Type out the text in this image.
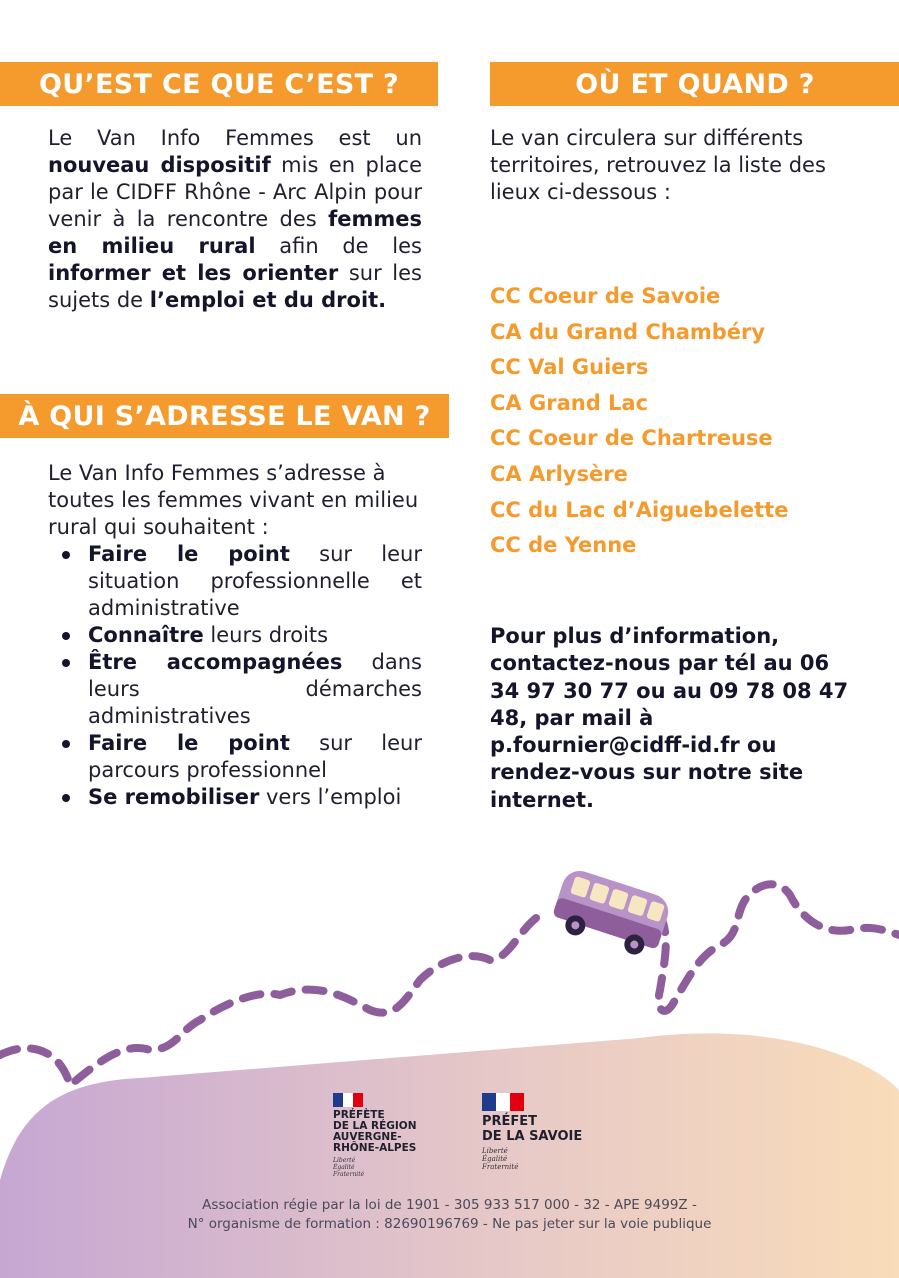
QU’EST CE QUE C’EST ?	OÙ ET QUAND ?
Le Van Info Femmes est un nouveau dispositif mis en place par le CIDFF Rhône - Arc Alpin pour venir à la rencontre des femmes en milieu rural afin de les informer et les orienter sur les sujets de l’emploi et du droit.
À QUI S’ADRESSE LE VAN ?
Le Van Info Femmes s’adresse à toutes les femmes vivant en milieu rural qui souhaitent :
Faire le point sur leur situation professionnelle et administrative
Connaître leurs droits
Être accompagnées dans leurs démarches administratives
Faire le point sur leur parcours professionnel
Se remobiliser vers l’emploi
Le van circulera sur différents territoires, retrouvez la liste des lieux ci-dessous :
CC Coeur de Savoie
CA du Grand Chambéry
CC Val Guiers
CA Grand Lac
CC Coeur de Chartreuse
CA Arlysère
CC du Lac d’Aiguebelette
CC de Yenne
Pour plus d’information, contactez-nous par tél au 06 34 97 30 77 ou au 09 78 08 47 48, par mail à p.fournier@cidff-id.fr ou rendez-vous sur notre site internet.
PRÉFÈTE
DE LA RÉGION
AUVERGNE-
RHÔNE-ALPES
Liberté
Égalité
Fraternité
PRÉFET
DE LA SAVOIE
Liberté
Égalité
Fraternité
Association régie par la loi de 1901 - 305 933 517 000 - 32 - APE 9499Z -
N° organisme de formation : 82690196769 - Ne pas jeter sur la voie publique
